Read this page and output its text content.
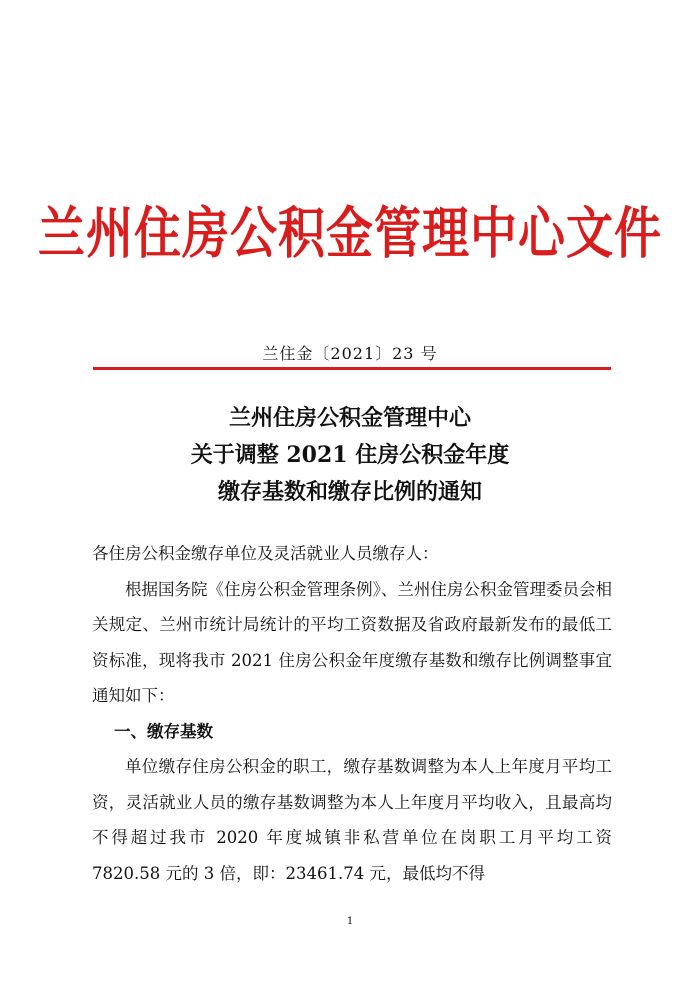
兰州住房公积金管理中心文件
兰住金〔2021〕23 号
兰州住房公积金管理中心
关于调整 2021 住房公积金年度
缴存基数和缴存比例的通知

各住房公积金缴存单位及灵活就业人员缴存人：

根据国务院《住房公积金管理条例》、兰州住房公积金管理委员会相关规定、兰州市统计局统计的平均工资数据及省政府最新发布的最低工资标准，现将我市 2021 住房公积金年度缴存基数和缴存比例调整事宜通知如下：

一、缴存基数

单位缴存住房公积金的职工，缴存基数调整为本人上年度月平均工资，灵活就业人员的缴存基数调整为本人上年度月平均收入，且最高均不得超过我市 2020 年度城镇非私营单位在岗职工月平均工资 7820.58 元的 3 倍，即：23461.74 元，最低均不得

1
